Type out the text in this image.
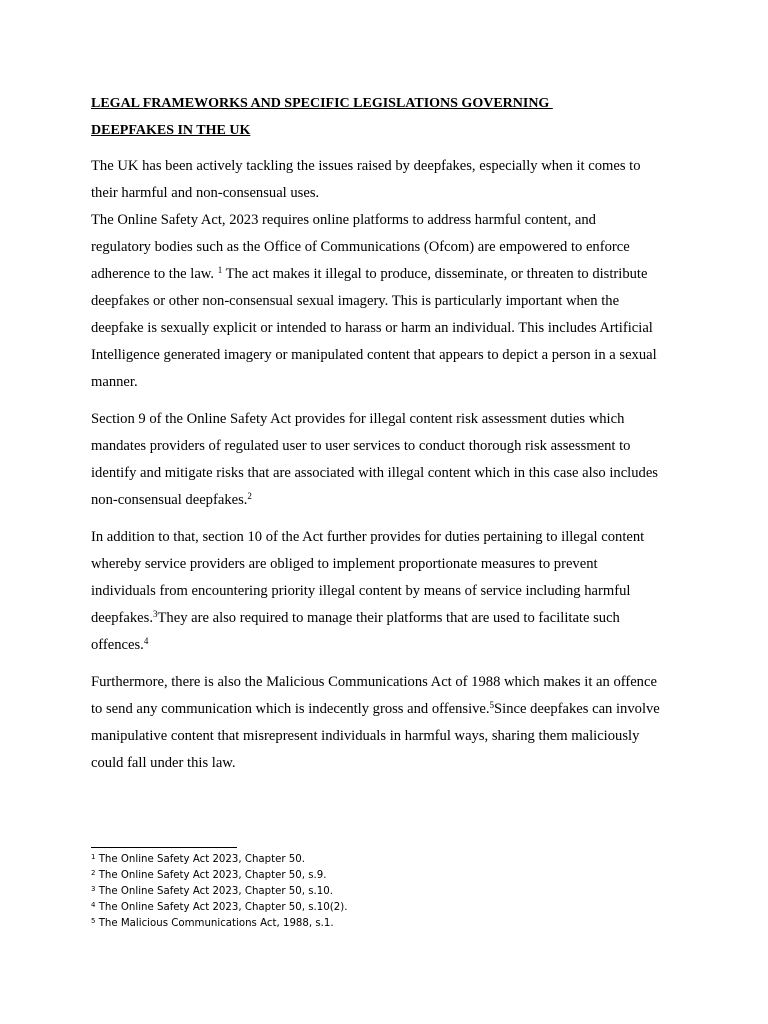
LEGAL FRAMEWORKS AND SPECIFIC LEGISLATIONS GOVERNING
DEEPFAKES IN THE UK

The UK has been actively tackling the issues raised by deepfakes, especially when it comes to
their harmful and non-consensual uses.

The Online Safety Act, 2023 requires online platforms to address harmful content, and
regulatory bodies such as the Office of Communications (Ofcom) are empowered to enforce
adherence to the law. $^1$ The act makes it illegal to produce, disseminate, or threaten to distribute
deepfakes or other non-consensual sexual imagery. This is particularly important when the
deepfake is sexually explicit or intended to harass or harm an individual. This includes Artificial
Intelligence generated imagery or manipulated content that appears to depict a person in a sexual
manner.

Section 9 of the Online Safety Act provides for illegal content risk assessment duties which
mandates providers of regulated user to user services to conduct thorough risk assessment to
identify and mitigate risks that are associated with illegal content which in this case also includes
non-consensual deepfakes.$^2$

In addition to that, section 10 of the Act further provides for duties pertaining to illegal content
whereby service providers are obliged to implement proportionate measures to prevent
individuals from encountering priority illegal content by means of service including harmful
deepfakes.$^3$They are also required to manage their platforms that are used to facilitate such
offences.$^4$

Furthermore, there is also the Malicious Communications Act of 1988 which makes it an offence
to send any communication which is indecently gross and offensive.$^5$Since deepfakes can involve
manipulative content that misrepresent individuals in harmful ways, sharing them maliciously
could fall under this law.

$^1$ The Online Safety Act 2023, Chapter 50.
$^2$ The Online Safety Act 2023, Chapter 50, s.9.
$^3$ The Online Safety Act 2023, Chapter 50, s.10.
$^4$ The Online Safety Act 2023, Chapter 50, s.10(2).
$^5$ The Malicious Communications Act, 1988, s.1.
